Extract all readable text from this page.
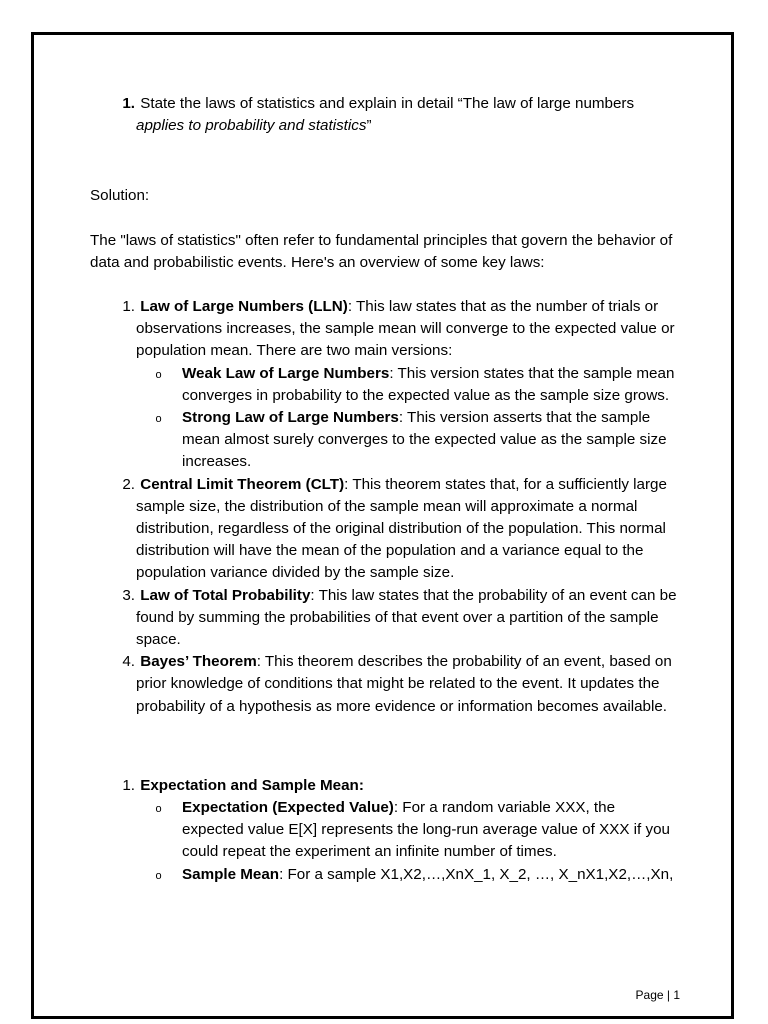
1. State the laws of statistics and explain in detail “The law of large numbers applies to probability and statistics”
Solution:
The "laws of statistics" often refer to fundamental principles that govern the behavior of data and probabilistic events. Here's an overview of some key laws:
1. Law of Large Numbers (LLN): This law states that as the number of trials or observations increases, the sample mean will converge to the expected value or population mean. There are two main versions:
o	Weak Law of Large Numbers: This version states that the sample mean converges in probability to the expected value as the sample size grows.
o	Strong Law of Large Numbers: This version asserts that the sample mean almost surely converges to the expected value as the sample size increases.
2. Central Limit Theorem (CLT): This theorem states that, for a sufficiently large sample size, the distribution of the sample mean will approximate a normal distribution, regardless of the original distribution of the population. This normal distribution will have the mean of the population and a variance equal to the population variance divided by the sample size.
3. Law of Total Probability: This law states that the probability of an event can be found by summing the probabilities of that event over a partition of the sample space.
4. Bayes’ Theorem: This theorem describes the probability of an event, based on prior knowledge of conditions that might be related to the event. It updates the probability of a hypothesis as more evidence or information becomes available.
1. Expectation and Sample Mean:
o	Expectation (Expected Value): For a random variable XXX, the expected value E[X] represents the long-run average value of XXX if you could repeat the experiment an infinite number of times.
o	Sample Mean: For a sample X1,X2,…,XnX_1, X_2, …, X_nX1,X2,…,Xn,
Page | 1
